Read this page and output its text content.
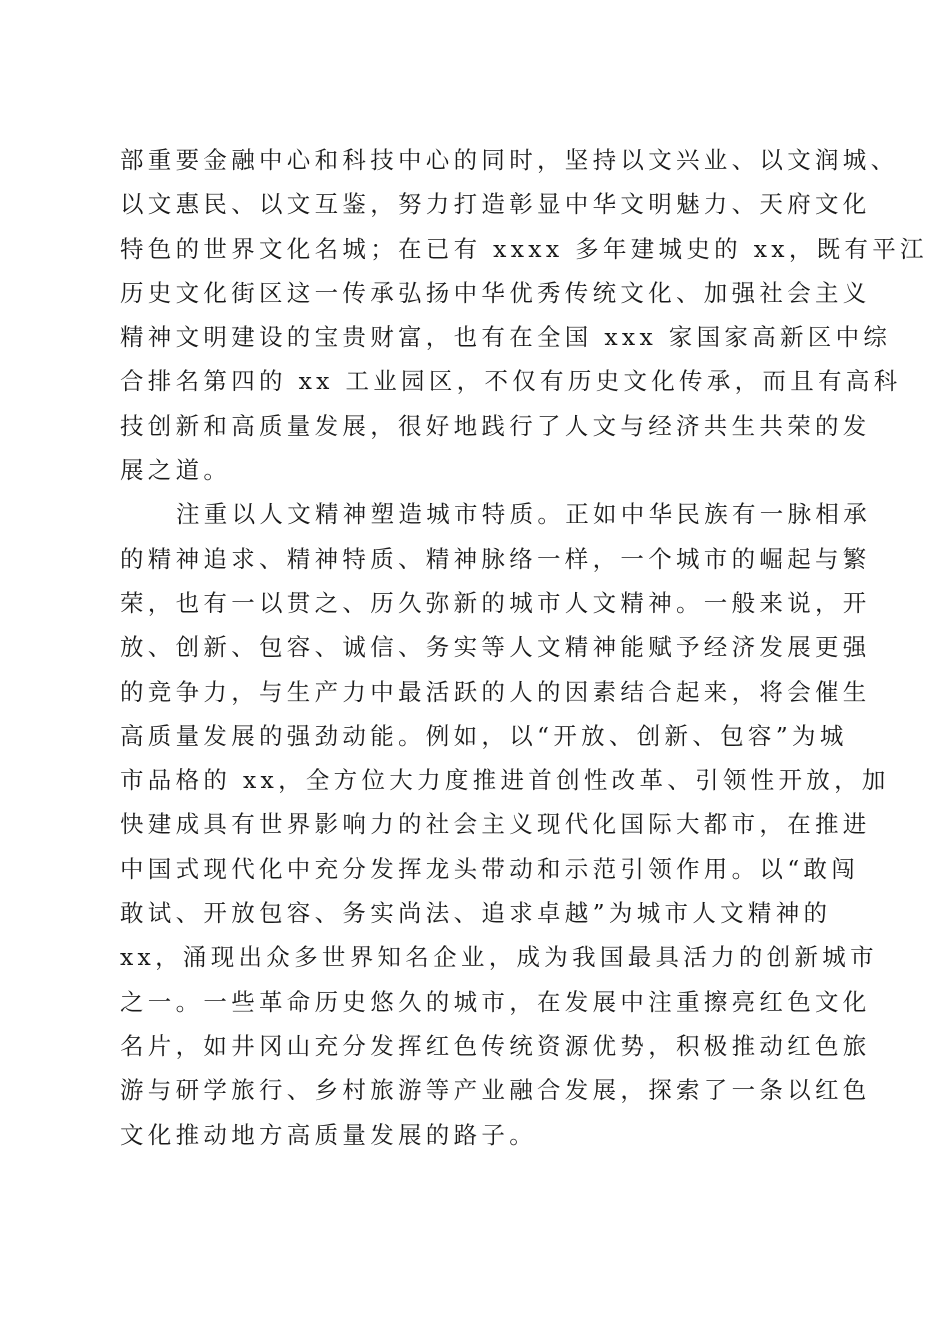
部重要金融中心和科技中心的同时，坚持以文兴业、以文润城、
以文惠民、以文互鉴，努力打造彰显中华文明魅力、天府文化
特色的世界文化名城；在已有 xxxx 多年建城史的 xx，既有平江
历史文化街区这一传承弘扬中华优秀传统文化、加强社会主义
精神文明建设的宝贵财富，也有在全国 xxx 家国家高新区中综
合排名第四的 xx 工业园区，不仅有历史文化传承，而且有高科
技创新和高质量发展，很好地践行了人文与经济共生共荣的发
展之道。
注重以人文精神塑造城市特质。正如中华民族有一脉相承
的精神追求、精神特质、精神脉络一样，一个城市的崛起与繁
荣，也有一以贯之、历久弥新的城市人文精神。一般来说，开
放、创新、包容、诚信、务实等人文精神能赋予经济发展更强
的竞争力，与生产力中最活跃的人的因素结合起来，将会催生
高质量发展的强劲动能。例如，以“开放、创新、包容”为城
市品格的 xx，全方位大力度推进首创性改革、引领性开放，加
快建成具有世界影响力的社会主义现代化国际大都市，在推进
中国式现代化中充分发挥龙头带动和示范引领作用。以“敢闯
敢试、开放包容、务实尚法、追求卓越”为城市人文精神的
xx，涌现出众多世界知名企业，成为我国最具活力的创新城市
之一。一些革命历史悠久的城市，在发展中注重擦亮红色文化
名片，如井冈山充分发挥红色传统资源优势，积极推动红色旅
游与研学旅行、乡村旅游等产业融合发展，探索了一条以红色
文化推动地方高质量发展的路子。
